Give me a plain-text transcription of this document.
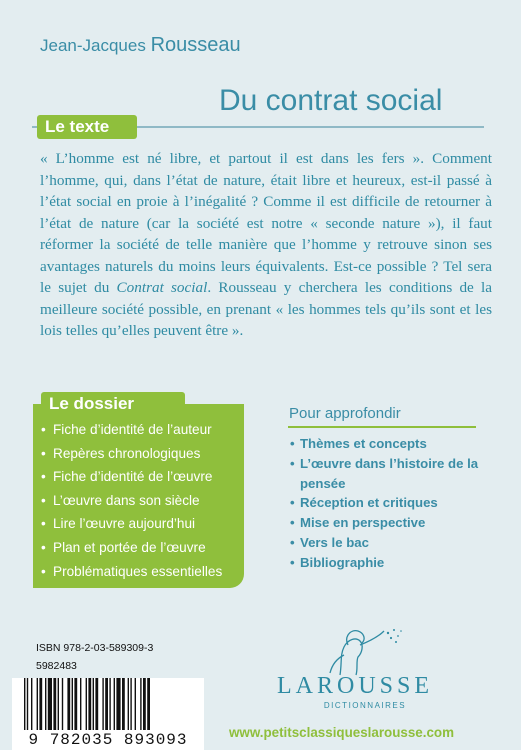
Jean-Jacques Rousseau
Du contrat social
Le texte

« L’homme est né libre, et partout il est dans les fers ». Comment l’homme, qui, dans l’état de nature, était libre et heureux, est-il passé à l’état social en proie à l’inégalité ? Comme il est difficile de retourner à l’état de nature (car la société est notre « seconde nature »), il faut réformer la société de telle manière que l’homme y retrouve sinon ses avantages naturels du moins leurs équivalents. Est-ce possible ? Tel sera le sujet du Contrat social. Rousseau y cherchera les conditions de la meilleure société possible, en prenant « les hommes tels qu’ils sont et les lois telles qu’elles peuvent être ».

• Fiche d’identité de l’auteur
• Repères chronologiques
• Fiche d’identité de l’œuvre
• L’œuvre dans son siècle
• Lire l’œuvre aujourd’hui
• Plan et portée de l’œuvre
• Problématiques essentielles
Le dossier
Pour approfondir
• Thèmes et concepts
• L’œuvre dans l’histoire de la pensée
• Réception et critiques
• Mise en perspective
• Vers le bac
• Bibliographie
ISBN 978-2-03-589309-3
5982483
9 782035 893093
LAROUSSE
DICTIONNAIRES
www.petitsclassiqueslarousse.com
